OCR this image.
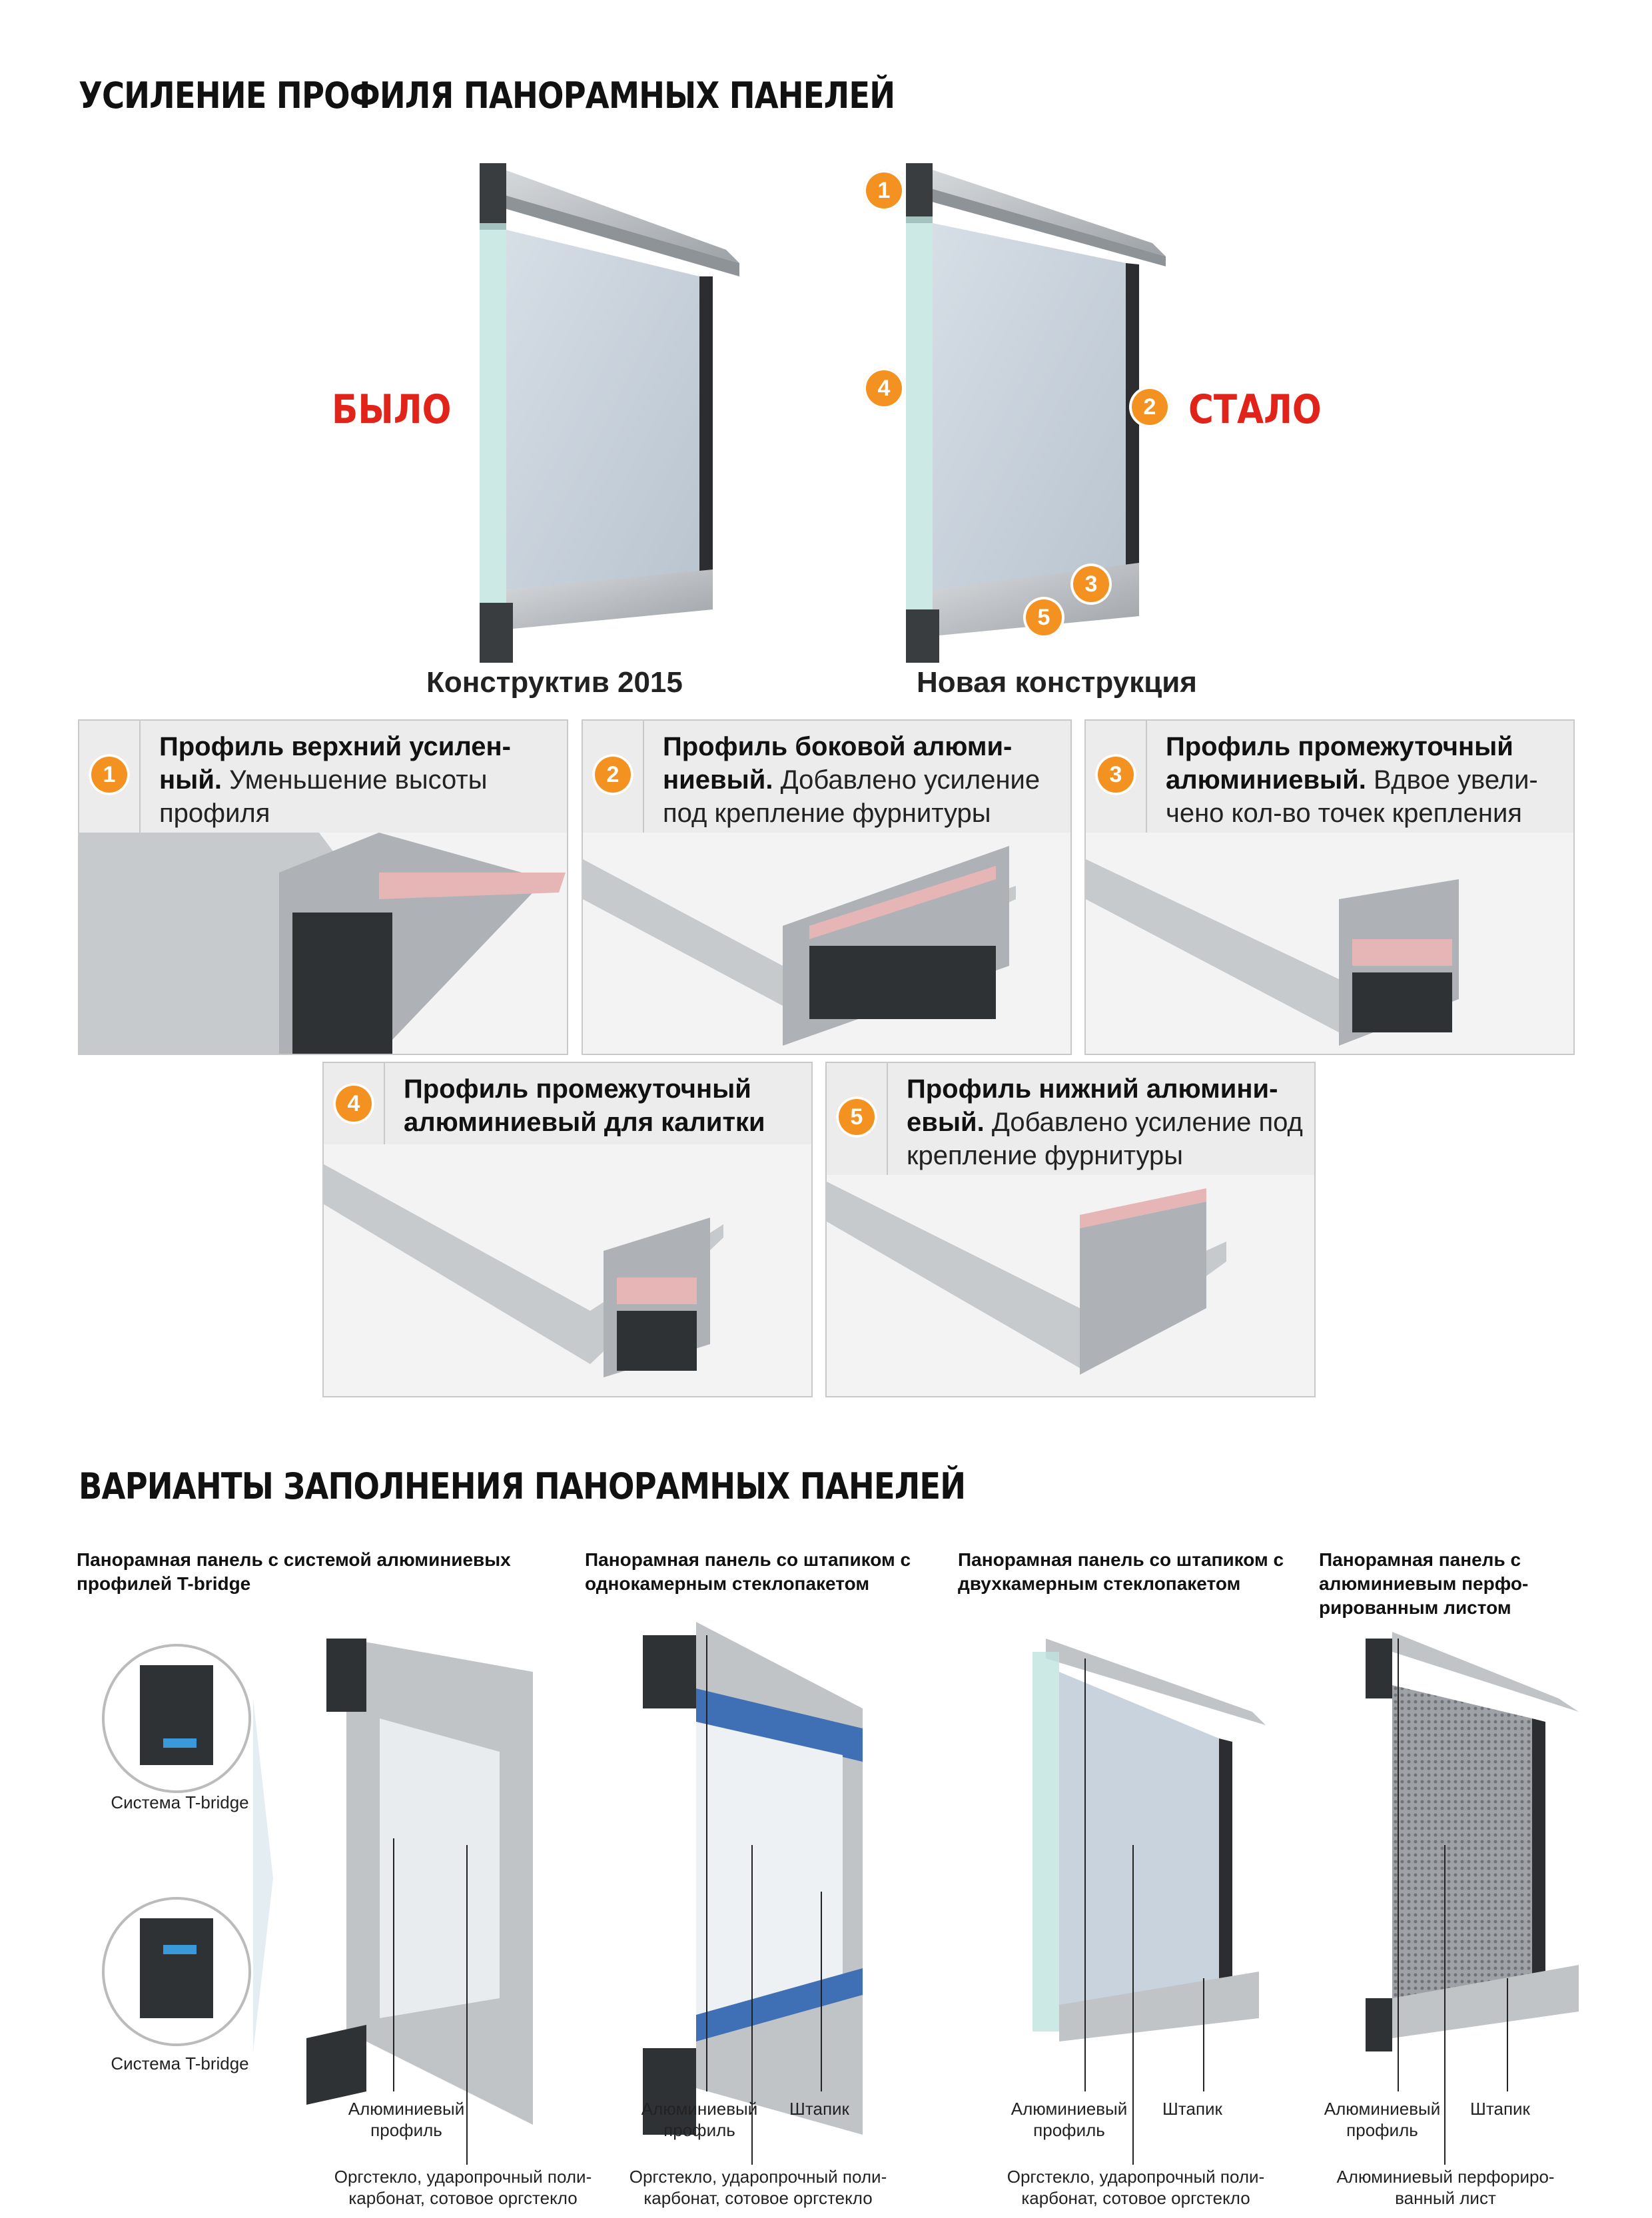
УСИЛЕНИЕ ПРОФИЛЯ ПАНОРАМНЫХ ПАНЕЛЕЙ
БЫЛО
Конструктив 2015
1
4
2
3
5
СТАЛО
Новая конструкция
1
Профиль верхний усилен-ный. Уменьшение высоты профиля
2
Профиль боковой алюми-ниевый. Добавлено усиление под крепление фурнитуры
3
Профиль промежуточный алюминиевый. Вдвое увели-чено кол-во точек крепления
4	Профиль промежуточный алюминиевый для калитки	5
Профиль нижний алюмини-евый. Добавлено усиление под крепление фурнитуры
ВАРИАНТЫ ЗАПОЛНЕНИЯ ПАНОРАМНЫХ ПАНЕЛЕЙ
Панорамная панель с системой алюминиевых профилей T-bridge
Панорамная панель со штапиком с однокамерным стеклопакетом
Панорамная панель со штапиком с двухкамерным стеклопакетом
Панорамная панель с алюминиевым перфо-рированным листом
Система T-bridge
Система T-bridge
Алюминиевый профиль
Оргстекло, ударопрочный поли-карбонат, сотовое оргстекло
Алюминиевый профиль
Штапик
Оргстекло, ударопрочный поли-карбонат, сотовое оргстекло
Алюминиевый профиль
Штапик
Оргстекло, ударопрочный поли-карбонат, сотовое оргстекло
Алюминиевый профиль
Штапик
Алюминиевый перфориро-ванный лист
